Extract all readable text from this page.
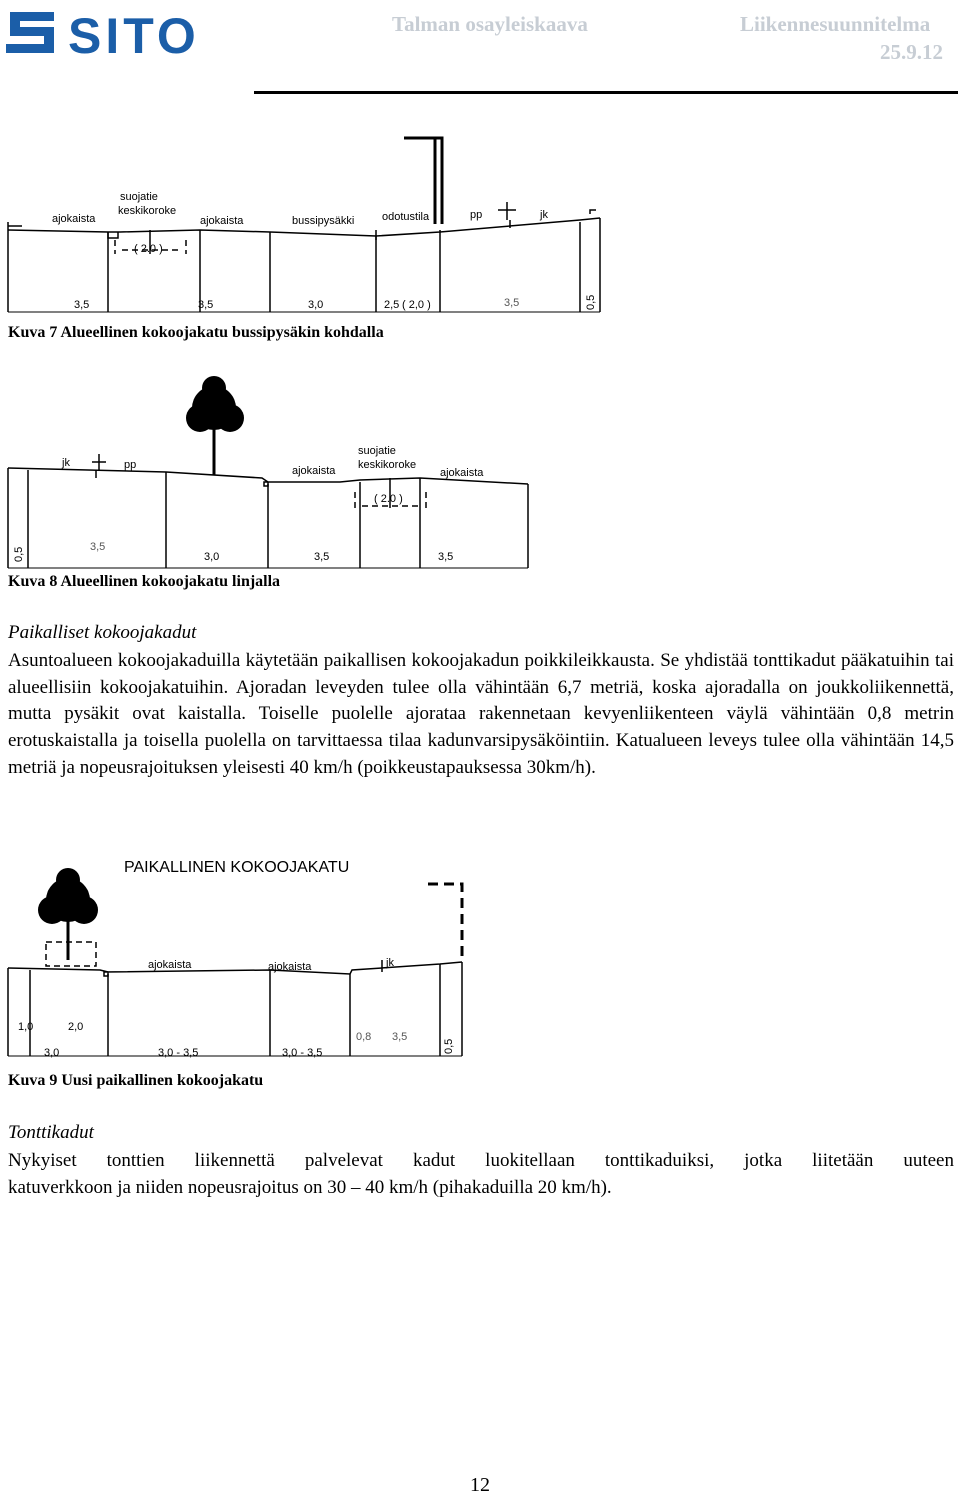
SITO	Talman osayleiskaava	Liikennesuunnitelma
25.9.12
ajokaista
suojatie
keskikoroke
ajokaista	bussipysäkki	odotustila	pp	jk
( 2.0 )
3,5	3,5	3,0	2,5 ( 2,0 )	3,5	0,5
Kuva 7 Alueellinen kokoojakatu bussipysäkin kohdalla
jk	pp	ajokaista
suojatie
keskikoroke
ajokaista
( 2.0 )
0,5	3,5
3,0	3,5	3,5
Kuva 8 Alueellinen kokoojakatu linjalla
Paikalliset kokoojakadut
Asuntoalueen kokoojakaduilla käytetään paikallisen kokoojakadun poikkileikkausta. Se yhdistää tonttikadut pääkatuihin tai alueellisiin kokoojakatuihin. Ajoradan leveyden tulee olla vähintään 6,7 metriä, koska ajoradalla on joukkoliikennettä, mutta pysäkit ovat kaistalla. Toiselle puolelle ajorataa rakennetaan kevyenliikenteen väylä vähintään 0,8 metrin erotuskaistalla ja toisella puolella on tarvittaessa tilaa kadunvarsipysäköintiin. Katualueen leveys tulee olla vähintään 14,5 metriä ja nopeusrajoituksen yleisesti 40 km/h (poikkeustapauksessa 30km/h).
PAIKALLINEN KOKOOJAKATU
ajokaista	ajokaista	jk
1,0	2,0
3,0	3,0 - 3,5	3,0 - 3,5
0,8 3,5
0,5
Kuva 9 Uusi paikallinen kokoojakatu
Tonttikadut
Nykyiset tonttien liikennettä palvelevat kadut luokitellaan tonttikaduiksi, jotka liitetään uuteen
katuverkkoon ja niiden nopeusrajoitus on 30 – 40 km/h (pihakaduilla 20 km/h).
12
